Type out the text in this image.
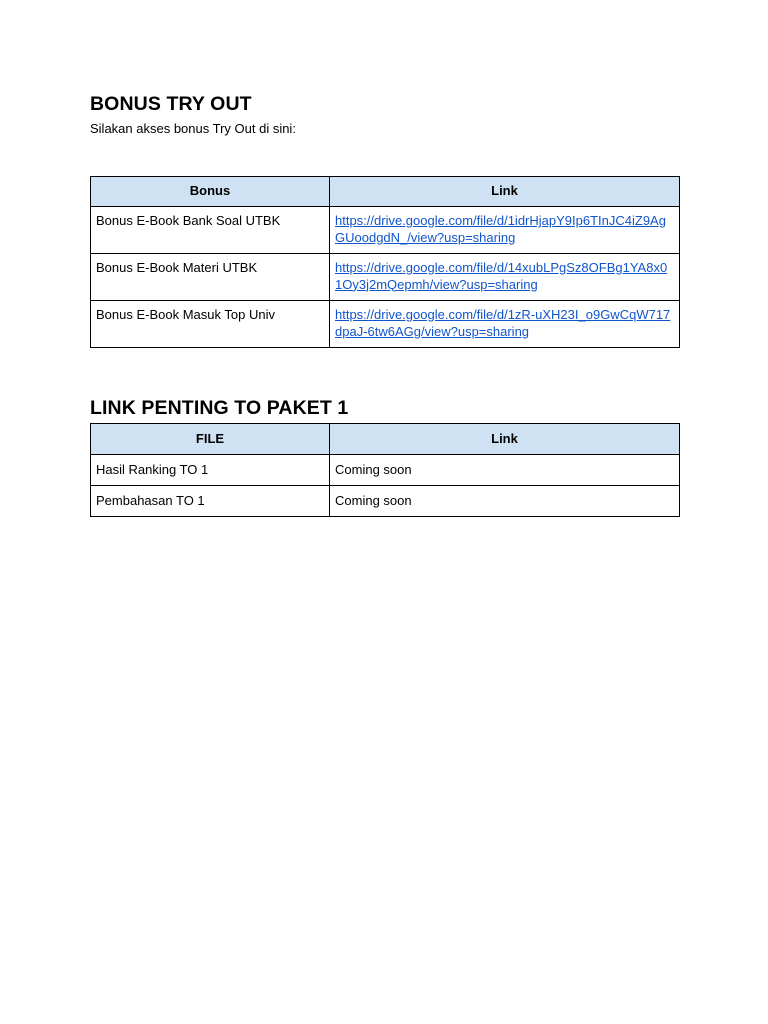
BONUS TRY OUT

Silakan akses bonus Try Out di sini:

Bonus	Link
Bonus E-Book Bank Soal UTBK	https://drive.google.com/file/d/1idrHjapY9Ip6TInJC4iZ9AgGUoodgdN_/view?usp=sharing
Bonus E-Book Materi UTBK	https://drive.google.com/file/d/14xubLPgSz8OFBg1YA8x01Oy3j2mQepmh/view?usp=sharing
Bonus E-Book Masuk Top Univ	https://drive.google.com/file/d/1zR-uXH23I_o9GwCqW717dpaJ-6tw6AGg/view?usp=sharing
LINK PENTING TO PAKET 1
FILE	Link
Hasil Ranking TO 1	Coming soon
Pembahasan TO 1	Coming soon
